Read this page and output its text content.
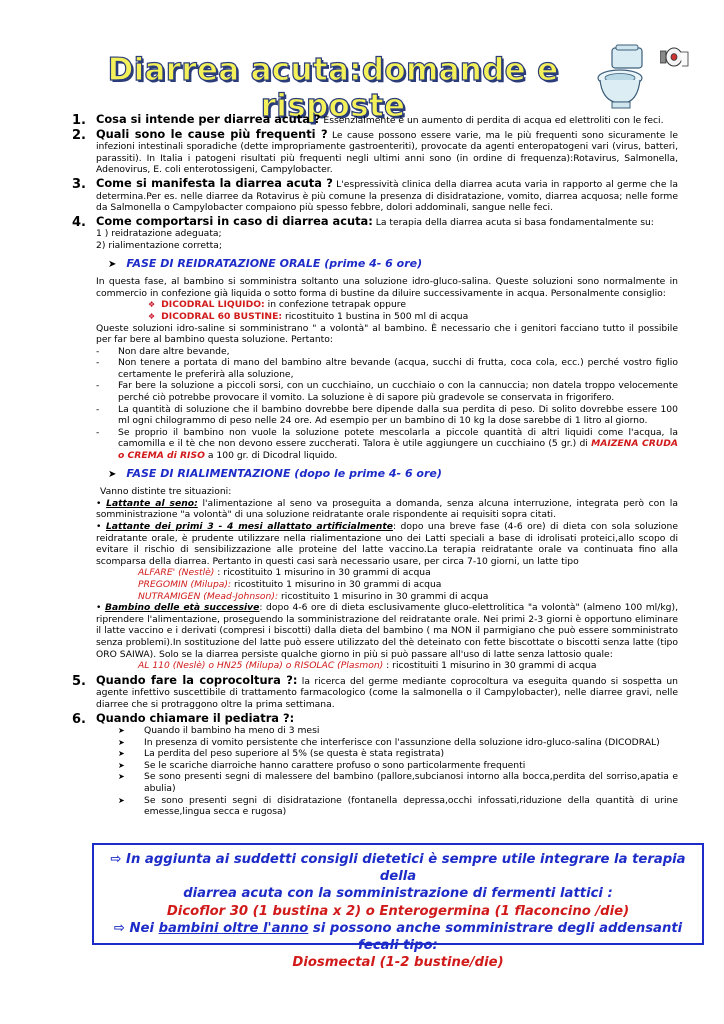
Diarrea acuta:domande e risposte
1. Cosa si intende per diarrea acuta ? Essenzialmente è un aumento di perdita di acqua ed elettroliti con le feci.
2. Quali sono le cause più frequenti ? Le cause possono essere varie, ma le più frequenti sono sicuramente le infezioni intestinali sporadiche (dette impropriamente gastroenteriti), provocate da agenti enteropatogeni vari (virus, batteri, parassiti). In Italia i patogeni risultati più frequenti negli ultimi anni sono (in ordine di frequenza):Rotavirus, Salmonella, Adenovirus, E. coli enterotossigeni, Campylobacter.
3. Come si manifesta la diarrea acuta ? L'espressività clinica della diarrea acuta varia in rapporto al germe che la determina.Per es. nelle diarree da Rotavirus è più comune la presenza di disidratazione, vomito, diarrea acquosa; nelle forme da Salmonella o Campylobacter compaiono più spesso febbre, dolori addominali, sangue nelle feci.
4. Come comportarsi in caso di diarrea acuta: La terapia della diarrea acuta si basa fondamentalmente su:
1 ) reidratazione adeguata;
2) rialimentazione corretta;
➤ FASE DI REIDRATAZIONE ORALE (prime 4- 6 ore)
In questa fase, al bambino si somministra soltanto una soluzione idro-gluco-salina. Queste soluzioni sono normalmente in commercio in confezione già liquida o sotto forma di bustine da diluire successivamente in acqua. Personalmente consiglio:
❖ DICODRAL LIQUIDO: in confezione tetrapak oppure
❖ DICODRAL 60 BUSTINE: ricostituito 1 bustina in 500 ml di acqua
Queste soluzioni idro-saline si somministrano " a volontà" al bambino. È necessario che i genitori facciano tutto il possibile per far bere al bambino questa soluzione. Pertanto:
- Non dare altre bevande,
- Non tenere a portata di mano del bambino altre bevande (acqua, succhi di frutta, coca cola, ecc.) perché vostro figlio certamente le preferirà alla soluzione,
- Far bere la soluzione a piccoli sorsi, con un cucchiaino, un cucchiaio o con la cannuccia; non datela troppo velocemente perché ciò potrebbe provocare il vomito. La soluzione è di sapore più gradevole se conservata in frigorifero.
- La quantità di soluzione che il bambino dovrebbe bere dipende dalla sua perdita di peso. Di solito dovrebbe essere 100 ml ogni chilogrammo di peso nelle 24 ore. Ad esempio per un bambino di 10 kg la dose sarebbe di 1 litro al giorno.
- Se proprio il bambino non vuole la soluzione potete mescolarla a piccole quantità di altri liquidi come l'acqua, la camomilla e il tè che non devono essere zuccherati. Talora è utile aggiungere un cucchiaino (5 gr.) di MAIZENA CRUDA o CREMA di RISO a 100 gr. di Dicodral liquido.
➤ FASE DI RIALIMENTAZIONE (dopo le prime 4- 6 ore)
Vanno distinte tre situazioni:
• Lattante al seno: l'alimentazione al seno va proseguita a domanda, senza alcuna interruzione, integrata però con la somministrazione "a volontà" di una soluzione reidratante orale rispondente ai requisiti sopra citati.
• Lattante dei primi 3 - 4 mesi allattato artificialmente: dopo una breve fase (4-6 ore) di dieta con sola soluzione reidratante orale, è prudente utilizzare nella rialimentazione uno dei Latti speciali a base di idrolisati proteici,allo scopo di evitare il rischio di sensibilizzazione alle proteine del latte vaccino.La terapia reidratante orale va continuata fino alla scomparsa della diarrea. Pertanto in questi casi sarà necessario usare, per circa 7-10 giorni, un latte tipo
ALFARE' (Nestlè) : ricostituito 1 misurino in 30 grammi di acqua
PREGOMIN (Milupa): ricostituito 1 misurino in 30 grammi di acqua
NUTRAMIGEN (Mead-Johnson): ricostituito 1 misurino in 30 grammi di acqua
• Bambino delle età successive: dopo 4-6 ore di dieta esclusivamente gluco-elettrolitica "a volontà" (almeno 100 ml/kg), riprendere l'alimentazione, proseguendo la somministrazione del reidratante orale. Nei primi 2-3 giorni è opportuno eliminare il latte vaccino e i derivati (compresi i biscotti) dalla dieta del bambino ( ma NON il parmigiano che può essere somministrato senza problemi).In sostituzione del latte può essere utilizzato del thè deteinato con fette biscottate o biscotti senza latte (tipo ORO SAIWA). Solo se la diarrea persiste qualche giorno in più si può passare all'uso di latte senza lattosio quale:
AL 110 (Neslè) o HN25 (Milupa) o RISOLAC (Plasmon) : ricostituiti 1 misurino in 30 grammi di acqua
5. Quando fare la coprocoltura ?: la ricerca del germe mediante coprocoltura va eseguita quando si sospetta un agente infettivo suscettibile di trattamento farmacologico (come la salmonella o il Campylobacter), nelle diarree gravi, nelle diarree che si protraggono oltre la prima settimana.
6. Quando chiamare il pediatra ?:
➤ Quando il bambino ha meno di 3 mesi
➤ In presenza di vomito persistente che interferisce con l'assunzione della soluzione idro-gluco-salina (DICODRAL)
➤ La perdita del peso superiore al 5% (se questa è stata registrata)
➤ Se le scariche diarroiche hanno carattere profuso o sono particolarmente frequenti
➤ Se sono presenti segni di malessere del bambino (pallore,subcianosi intorno alla bocca,perdita del sorriso,apatia e abulia)
➤ Se sono presenti segni di disidratazione (fontanella depressa,occhi infossati,riduzione della quantità di urine emesse,lingua secca e rugosa)
⇨ In aggiunta ai suddetti consigli dietetici è sempre utile integrare la terapia della
diarrea acuta con la somministrazione di fermenti lattici :
Dicoflor 30 (1 bustina x 2) o Enterogermina (1 flaconcino /die)
⇨ Nei bambini oltre l'anno si possono anche somministrare degli addensanti fecali tipo:
Diosmectal (1-2 bustine/die)
